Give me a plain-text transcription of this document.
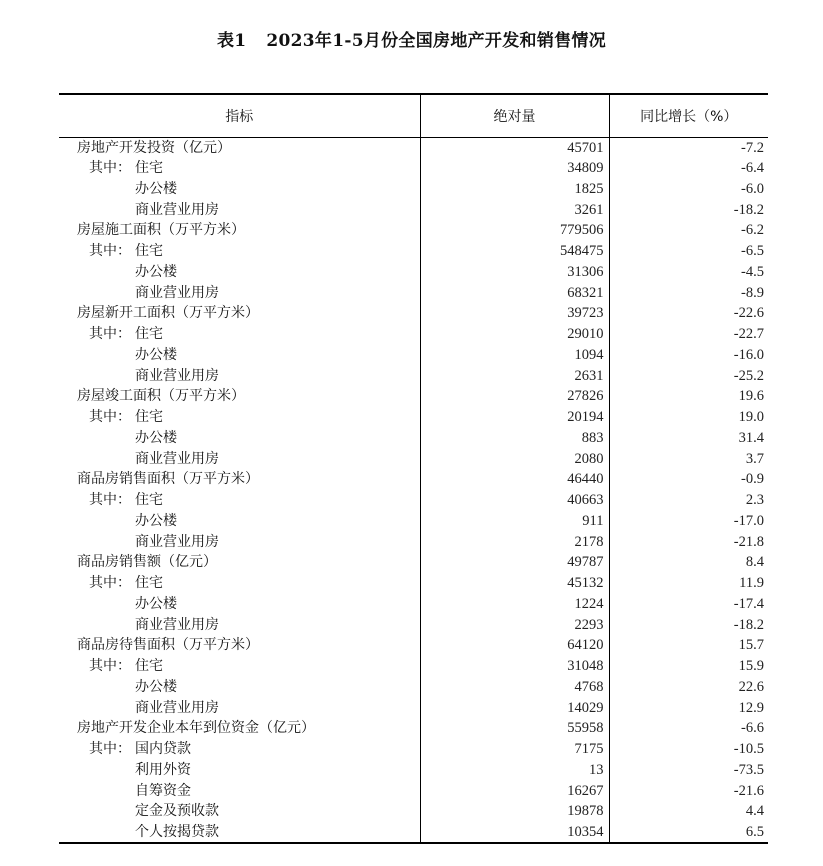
表1 2023年1-5月份全国房地产开发和销售情况
指标	绝对量	同比增长（%）
房地产开发投资（亿元）	45701	-7.2
其中： 住宅	34809	-6.4
办公楼	1825	-6.0
商业营业用房	3261	-18.2
房屋施工面积（万平方米）	779506	-6.2
其中： 住宅	548475	-6.5
办公楼	31306	-4.5
商业营业用房	68321	-8.9
房屋新开工面积（万平方米）	39723	-22.6
其中： 住宅	29010	-22.7
办公楼	1094	-16.0
商业营业用房	2631	-25.2
房屋竣工面积（万平方米）	27826	19.6
其中： 住宅	20194	19.0
办公楼	883	31.4
商业营业用房	2080	3.7
商品房销售面积（万平方米）	46440	-0.9
其中： 住宅	40663	2.3
办公楼	911	-17.0
商业营业用房	2178	-21.8
商品房销售额（亿元）	49787	8.4
其中： 住宅	45132	11.9
办公楼	1224	-17.4
商业营业用房	2293	-18.2
商品房待售面积（万平方米）	64120	15.7
其中： 住宅	31048	15.9
办公楼	4768	22.6
商业营业用房	14029	12.9
房地产开发企业本年到位资金（亿元）	55958	-6.6
其中： 国内贷款	7175	-10.5
利用外资	13	-73.5
自筹资金	16267	-21.6
定金及预收款	19878	4.4
个人按揭贷款	10354	6.5
